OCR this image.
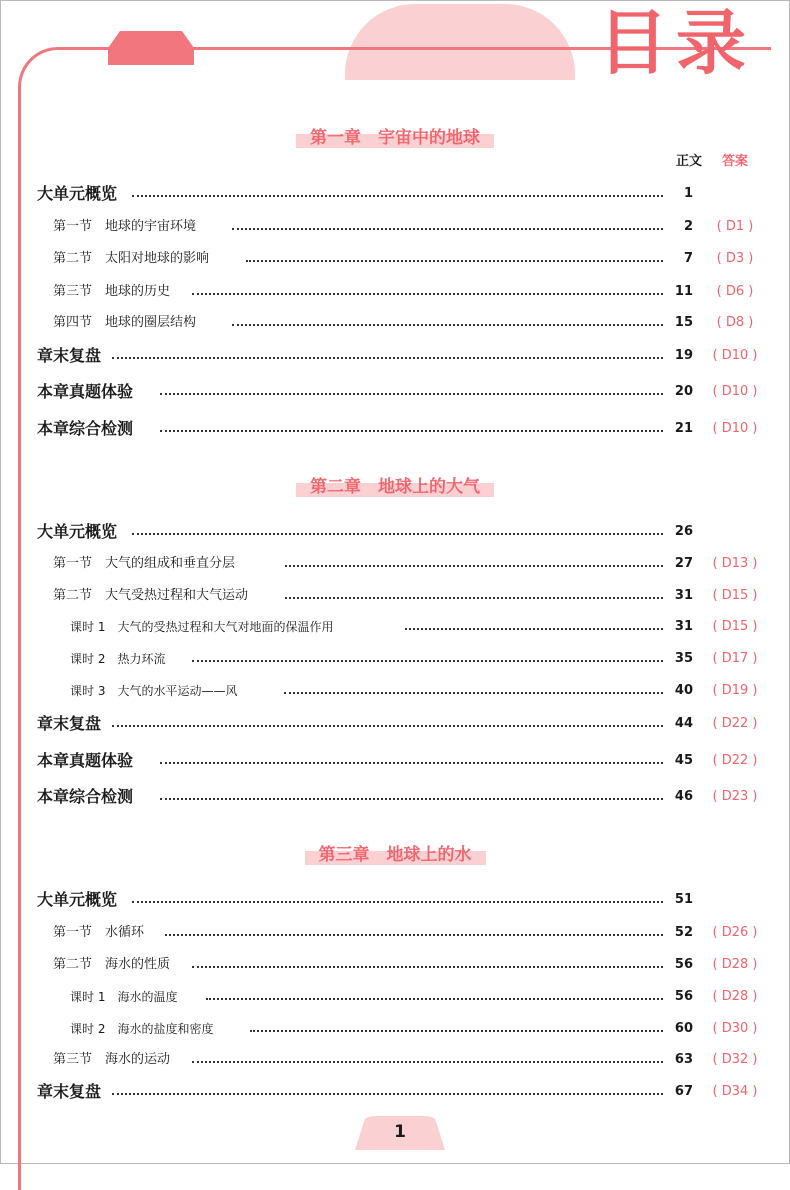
目录
第一章　宇宙中的地球
正文 答案
大单元概览	1
第一节　地球的宇宙环境	2	( D1 )
第二节　太阳对地球的影响	7	( D3 )
第三节　地球的历史	11	( D6 )
第四节　地球的圈层结构	15	( D8 )
章末复盘	19	( D10 )
本章真题体验	20	( D10 )
本章综合检测	21	( D10 )
第二章　地球上的大气
大单元概览	26
第一节　大气的组成和垂直分层	27	( D13 )
第二节　大气受热过程和大气运动	31	( D15 )
课时 1　大气的受热过程和大气对地面的保温作用	31	( D15 )
课时 2　热力环流	35	( D17 )
课时 3　大气的水平运动——风	40	( D19 )
章末复盘	44	( D22 )
本章真题体验	45	( D22 )
本章综合检测	46	( D23 )
第三章　地球上的水
大单元概览	51
第一节　水循环	52	( D26 )
第二节　海水的性质	56	( D28 )
课时 1　海水的温度	56	( D28 )
课时 2　海水的盐度和密度	60	( D30 )
第三节　海水的运动	63	( D32 )
章末复盘	67	( D34 )
1
